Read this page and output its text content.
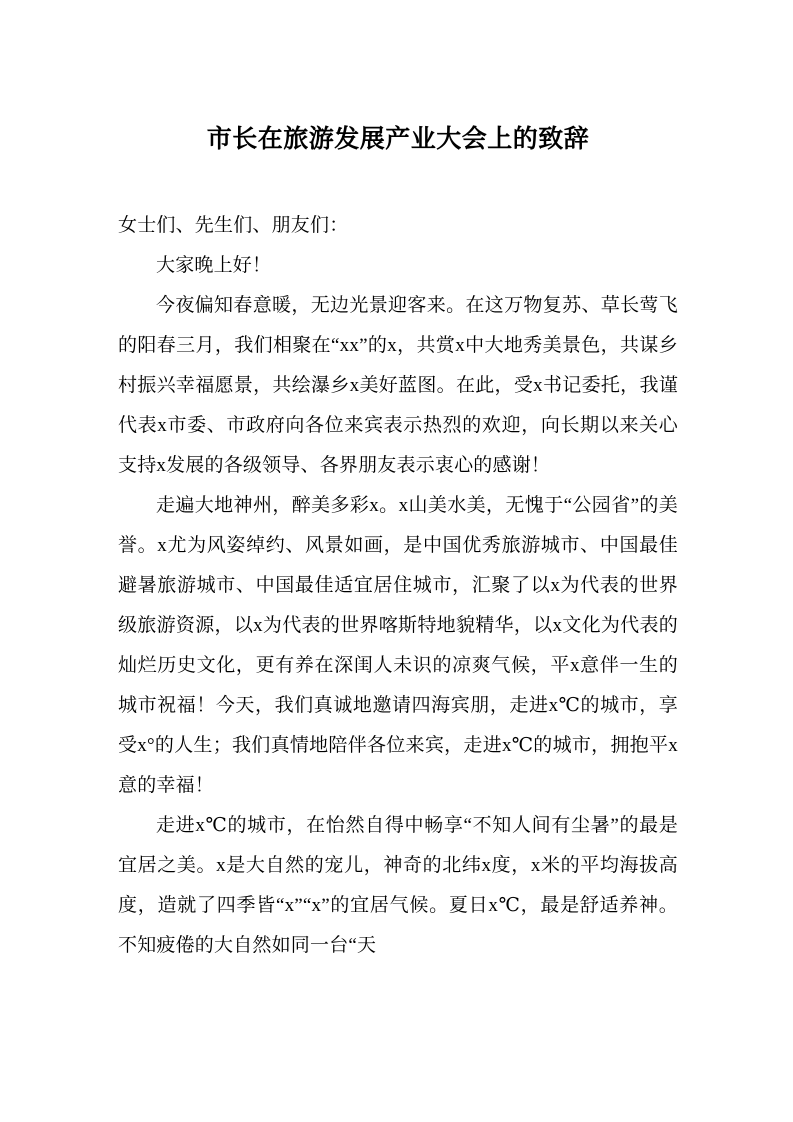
市长在旅游发展产业大会上的致辞

女士们、先生们、朋友们：

大家晚上好！

今夜偏知春意暖，无边光景迎客来。在这万物复苏、草长莺飞的阳春三月，我们相聚在“xx”的x，共赏x中大地秀美景色，共谋乡村振兴幸福愿景，共绘瀑乡x美好蓝图。在此，受x书记委托，我谨代表x市委、市政府向各位来宾表示热烈的欢迎，向长期以来关心支持x发展的各级领导、各界朋友表示衷心的感谢！

走遍大地神州，醉美多彩x。x山美水美，无愧于“公园省”的美誉。x尤为风姿绰约、风景如画，是中国优秀旅游城市、中国最佳避暑旅游城市、中国最佳适宜居住城市，汇聚了以x为代表的世界级旅游资源，以x为代表的世界喀斯特地貌精华，以x文化为代表的灿烂历史文化，更有养在深闺人未识的凉爽气候，平x意伴一生的城市祝福！今天，我们真诚地邀请四海宾朋，走进x℃的城市，享受x°的人生；我们真情地陪伴各位来宾，走进x℃的城市，拥抱平x意的幸福！

走进x℃的城市，在怡然自得中畅享“不知人间有尘暑”的最是宜居之美。x是大自然的宠儿，神奇的北纬x度，x米的平均海拔高度，造就了四季皆“x”“x”的宜居气候。夏日x℃，最是舒适养神。不知疲倦的大自然如同一台“天
